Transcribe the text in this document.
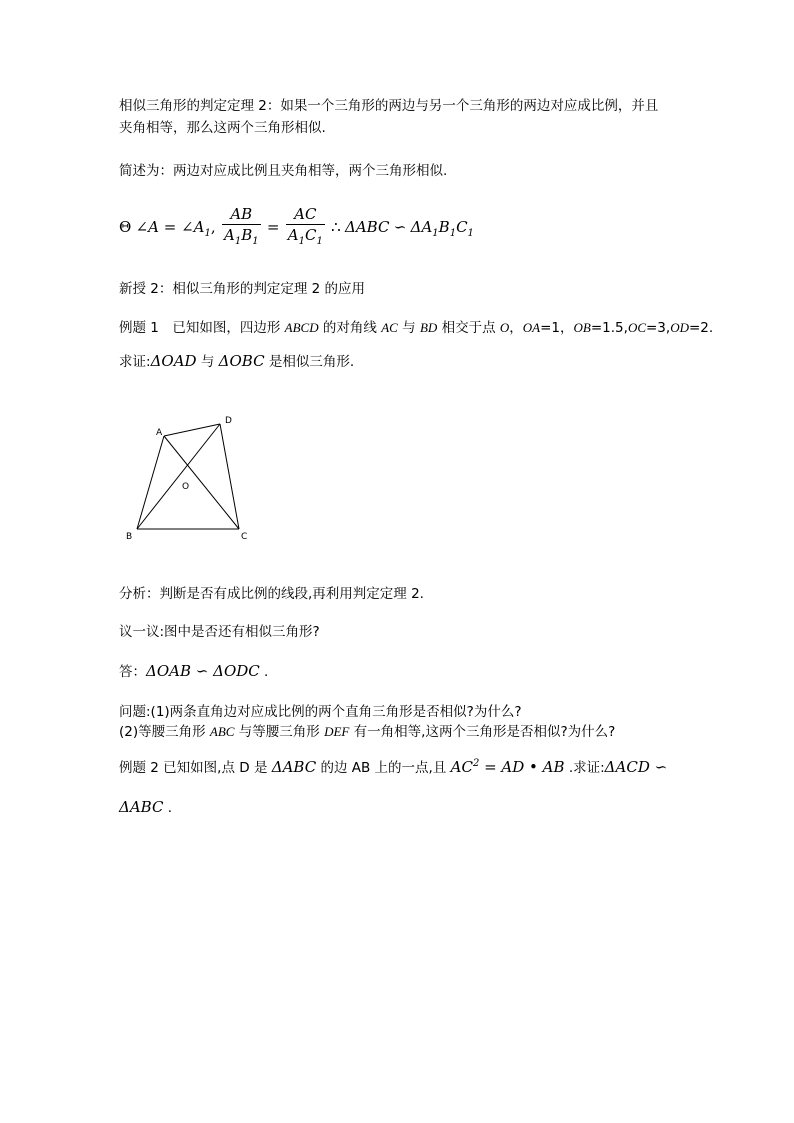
相似三角形的判定定理 2：如果一个三角形的两边与另一个三角形的两边对应成比例，并且
夹角相等，那么这两个三角形相似.
简述为：两边对应成比例且夹角相等，两个三角形相似.
Θ ∠A = $\angle A_1$, $\frac{AB}{A_1B_1} = \frac{AC}{A_1C_1}$ ∴ ΔABC ∽ $\Delta A_1B_1C_1$
新授 2：相似三角形的判定定理 2 的应用
例题 1　已知如图，四边形 ABCD 的对角线 AC 与 BD 相交于点 O，OA=1，OB=1.5,OC=3,OD=2.
求证:ΔOAD 与 ΔOBC 是相似三角形.
A
D
O
B	C
分析：判断是否有成比例的线段,再利用判定定理 2.
议一议:图中是否还有相似三角形?
答：ΔOAB ∽ ΔODC .
问题:(1)两条直角边对应成比例的两个直角三角形是否相似?为什么?
(2)等腰三角形 ABC 与等腰三角形 DEF 有一角相等,这两个三角形是否相似?为什么?
例题 2 已知如图,点 D 是 ΔABC 的边 AB 上的一点,且 $AC^2$ = AD • AB .求证:ΔACD ∽
ΔABC .
